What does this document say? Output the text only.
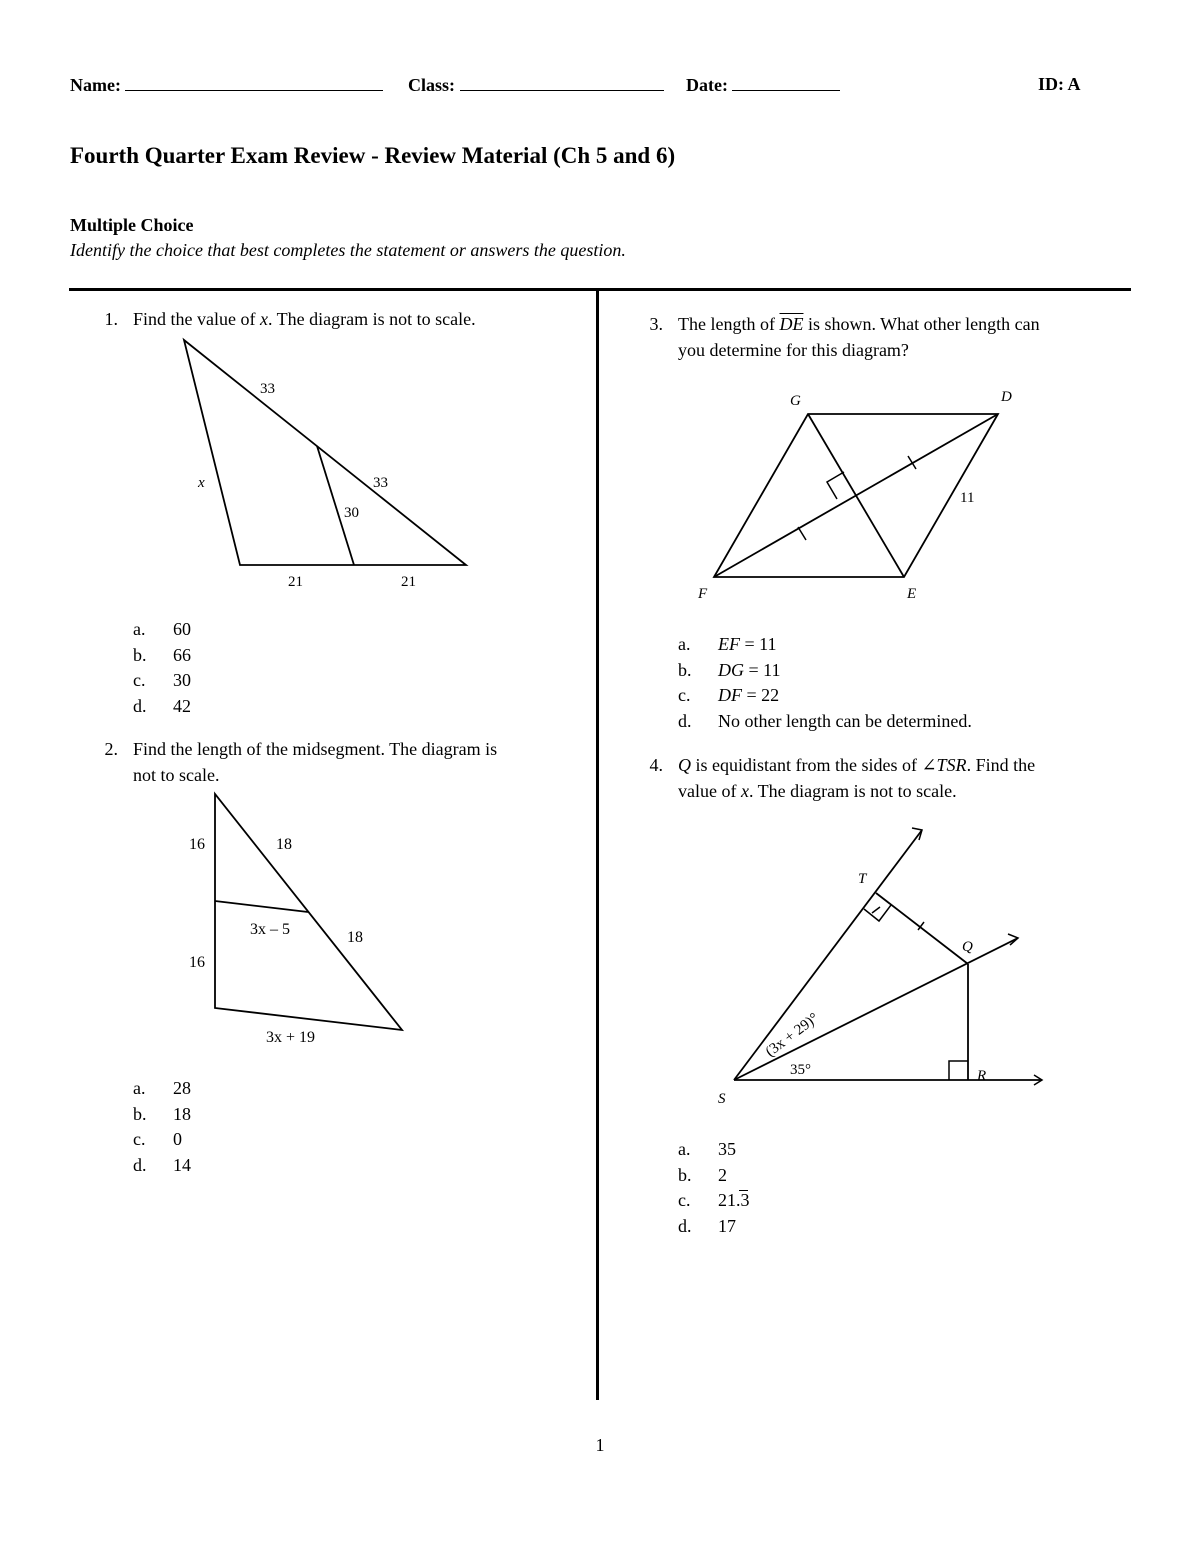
Name:	Class:	Date:	ID: A
Fourth Quarter Exam Review - Review Material (Ch 5 and 6)
Multiple Choice
Identify the choice that best completes the statement or answers the question.
1. Find the value of x. The diagram is not to scale.
33
33
x
30
21	21
a. 60
b. 66
c. 30
d. 42
2. Find the length of the midsegment. The diagram is
not to scale.
16	18
3x – 5	18
16
3x + 19
a. 28
b. 18
c. 0
d. 14
3. The length of $\overline{DE}$ is shown. What other length can
you determine for this diagram?
G	D
F	E
11
a. EF = 11
b. DG = 11
c. DF = 22
d. No other length can be determined.
4. Q is equidistant from the sides of ∠TSR. Find the
value of x. The diagram is not to scale.
T
Q
S
R
(3x + 29)°
35°
a. 35
b. 2
c. 21.3
d. 17
1
